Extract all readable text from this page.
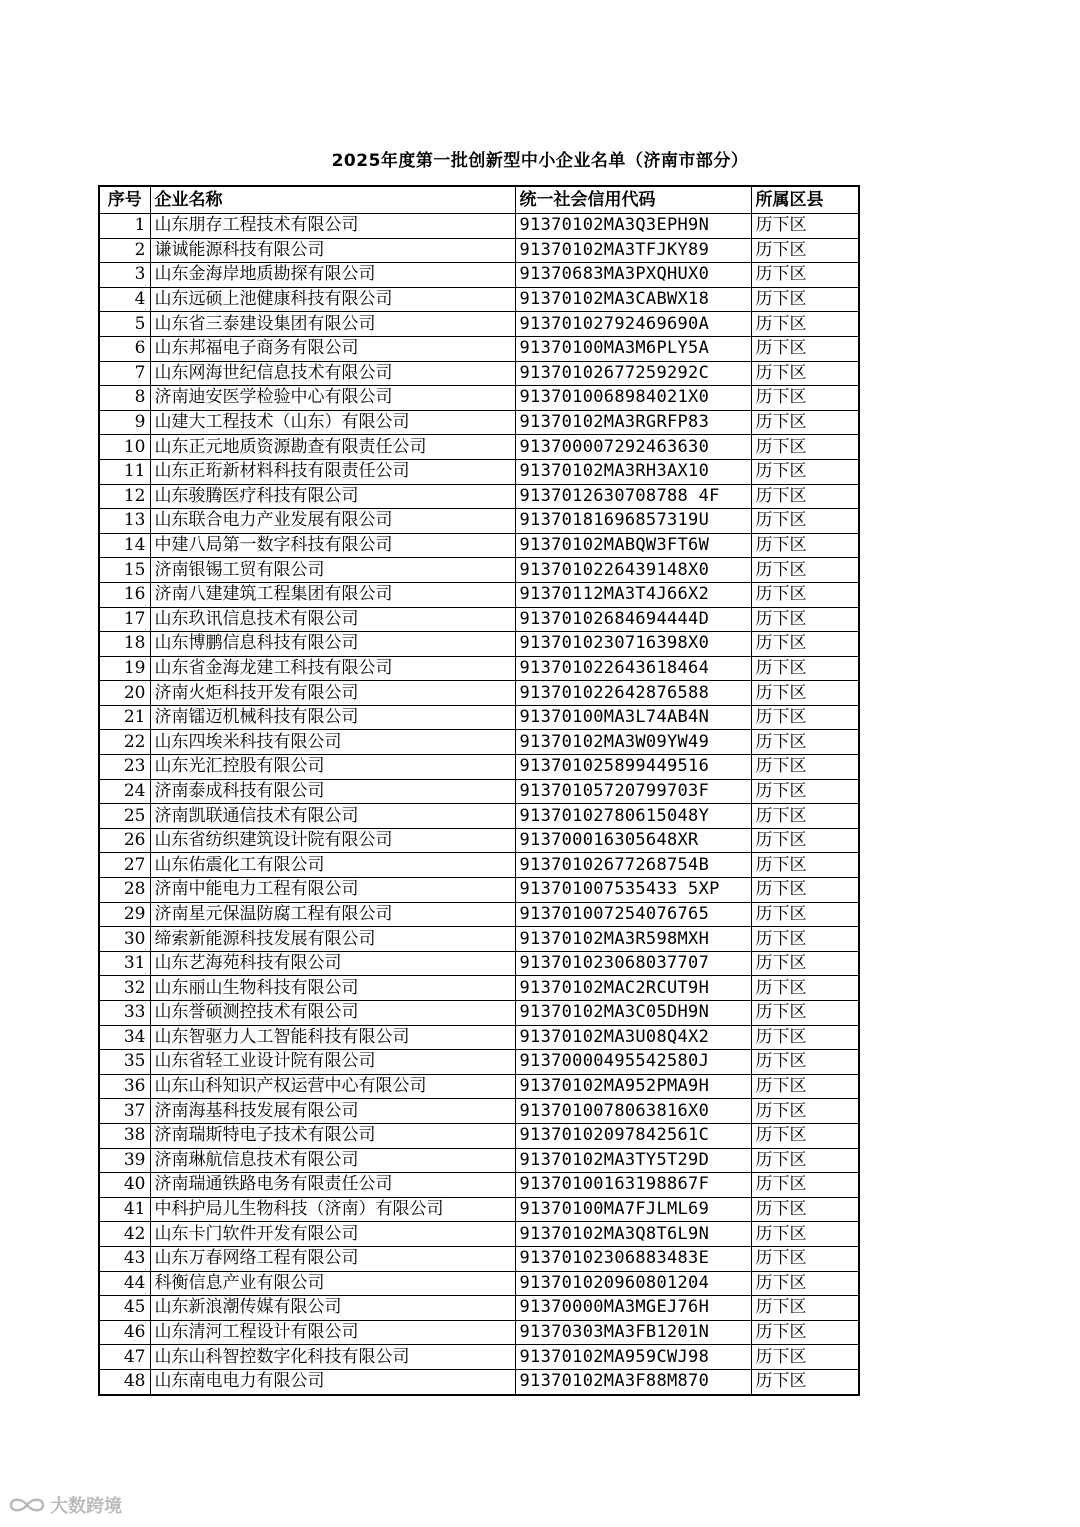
2025年度第一批创新型中小企业名单（济南市部分）
序号	企业名称	统一社会信用代码	所属区县
1	山东朋存工程技术有限公司	91370102MA3Q3EPH9N	历下区
2	谦诚能源科技有限公司	91370102MA3TFJKY89	历下区
3	山东金海岸地质勘探有限公司	91370683MA3PXQHUX0	历下区
4	山东远硕上池健康科技有限公司	91370102MA3CABWX18	历下区
5	山东省三泰建设集团有限公司	91370102792469690A	历下区
6	山东邦福电子商务有限公司	91370100MA3M6PLY5A	历下区
7	山东网海世纪信息技术有限公司	91370102677259292C	历下区
8	济南迪安医学检验中心有限公司	9137010068984021X0	历下区
9	山建大工程技术（山东）有限公司	91370102MA3RGRFP83	历下区
10	山东正元地质资源勘查有限责任公司	913700007292463630	历下区
11	山东正珩新材料科技有限责任公司	91370102MA3RH3AX10	历下区
12	山东骏腾医疗科技有限公司	9137012630708788 4F	历下区
13	山东联合电力产业发展有限公司	91370181696857319U	历下区
14	中建八局第一数字科技有限公司	91370102MABQW3FT6W	历下区
15	济南银锡工贸有限公司	9137010226439148X0	历下区
16	济南八建建筑工程集团有限公司	91370112MA3T4J66X2	历下区
17	山东玖讯信息技术有限公司	91370102684694444D	历下区
18	山东博鹏信息科技有限公司	9137010230716398X0	历下区
19	山东省金海龙建工科技有限公司	913701022643618464	历下区
20	济南火炬科技开发有限公司	913701022642876588	历下区
21	济南镭迈机械科技有限公司	91370100MA3L74AB4N	历下区
22	山东四埃米科技有限公司	91370102MA3W09YW49	历下区
23	山东光汇控股有限公司	913701025899449516	历下区
24	济南泰成科技有限公司	91370105720799703F	历下区
25	济南凯联通信技术有限公司	91370102780615048Y	历下区
26	山东省纺织建筑设计院有限公司	913700016305648XR	历下区
27	山东佑震化工有限公司	91370102677268754B	历下区
28	济南中能电力工程有限公司	913701007535433 5XP	历下区
29	济南星元保温防腐工程有限公司	913701007254076765	历下区
30	缔索新能源科技发展有限公司	91370102MA3R598MXH	历下区
31	山东艺海苑科技有限公司	913701023068037707	历下区
32	山东丽山生物科技有限公司	91370102MAC2RCUT9H	历下区
33	山东誉硕测控技术有限公司	91370102MA3C05DH9N	历下区
34	山东智驱力人工智能科技有限公司	91370102MA3U08Q4X2	历下区
35	山东省轻工业设计院有限公司	91370000495542580J	历下区
36	山东山科知识产权运营中心有限公司	91370102MA952PMA9H	历下区
37	济南海基科技发展有限公司	9137010078063816X0	历下区
38	济南瑞斯特电子技术有限公司	91370102097842561C	历下区
39	济南琳航信息技术有限公司	91370102MA3TY5T29D	历下区
40	济南瑞通铁路电务有限责任公司	91370100163198867F	历下区
41	中科护局儿生物科技（济南）有限公司	91370100MA7FJLML69	历下区
42	山东卡门软件开发有限公司	91370102MA3Q8T6L9N	历下区
43	山东万春网络工程有限公司	91370102306883483E	历下区
44	科衡信息产业有限公司	913701020960801204	历下区
45	山东新浪潮传媒有限公司	91370000MA3MGEJ76H	历下区
46	山东清河工程设计有限公司	91370303MA3FB1201N	历下区
47	山东山科智控数字化科技有限公司	91370102MA959CWJ98	历下区
48	山东南电电力有限公司	91370102MA3F88M870	历下区
大数跨境
